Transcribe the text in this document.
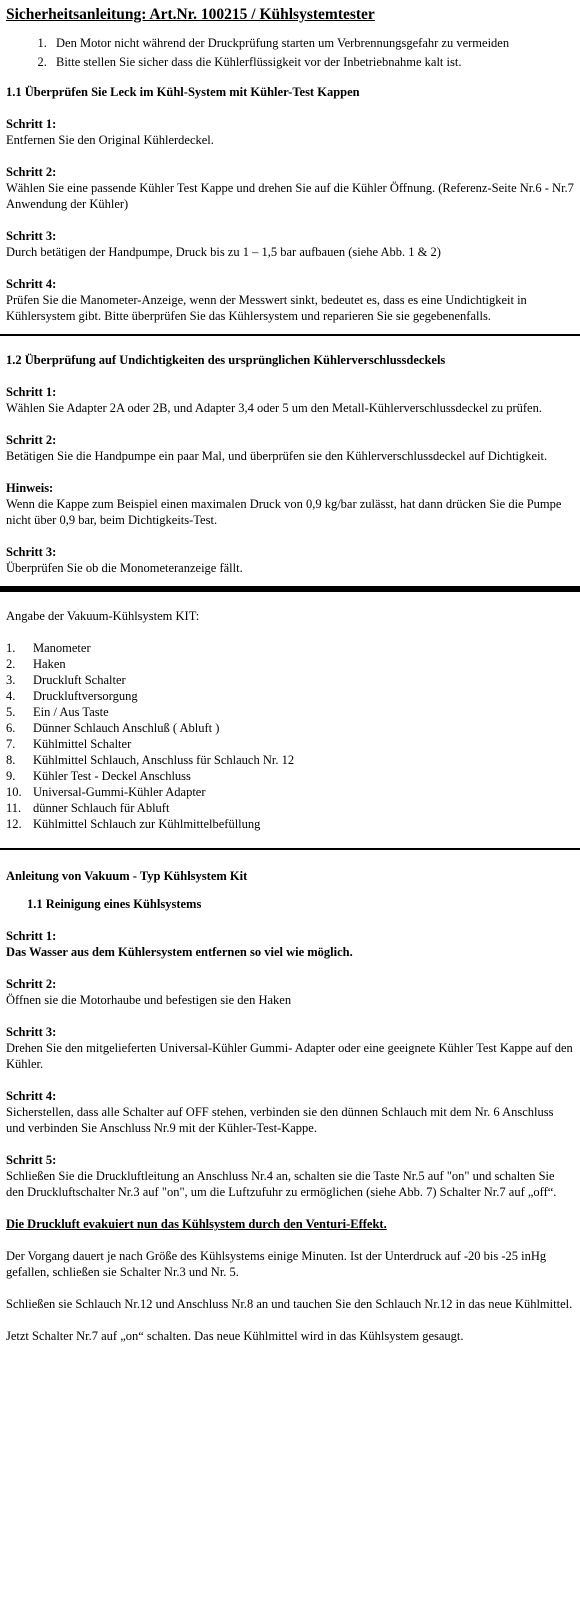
Sicherheitsanleitung: Art.Nr. 100215 / Kühlsystemtester
1. Den Motor nicht während der Druckprüfung starten um Verbrennungsgefahr zu vermeiden
2. Bitte stellen Sie sicher dass die Kühlerflüssigkeit vor der Inbetriebnahme kalt ist.
1.1 Überprüfen Sie Leck im Kühl-System mit Kühler-Test Kappen
Schritt 1:
Entfernen Sie den Original Kühlerdeckel.
Schritt 2:
Wählen Sie eine passende Kühler Test Kappe und drehen Sie auf die Kühler Öffnung. (Referenz-Seite Nr.6 - Nr.7 Anwendung der Kühler)
Schritt 3:
Durch betätigen der Handpumpe, Druck bis zu 1 – 1,5 bar aufbauen (siehe Abb. 1 & 2)
Schritt 4:
Prüfen Sie die Manometer-Anzeige, wenn der Messwert sinkt, bedeutet es, dass es eine Undichtigkeit in Kühlersystem gibt. Bitte überprüfen Sie das Kühlersystem und reparieren Sie sie gegebenenfalls.
1.2 Überprüfung auf Undichtigkeiten des ursprünglichen Kühlerverschlussdeckels
Schritt 1:
Wählen Sie Adapter 2A oder 2B, und Adapter 3,4 oder 5 um den Metall-Kühlerverschlussdeckel zu prüfen.
Schritt 2:
Betätigen Sie die Handpumpe ein paar Mal, und überprüfen sie den Kühlerverschlussdeckel auf Dichtigkeit.
Hinweis:
Wenn die Kappe zum Beispiel einen maximalen Druck von 0,9 kg/bar zulässt, hat dann drücken Sie die Pumpe nicht über 0,9 bar, beim Dichtigkeits-Test.
Schritt 3:
Überprüfen Sie ob die Monometeranzeige fällt.
Angabe der Vakuum-Kühlsystem KIT:
1.	Manometer
2.	Haken
3.	Druckluft Schalter
4.	Druckluftversorgung
5.	Ein / Aus Taste
6.	Dünner Schlauch Anschluß ( Abluft )
7.	Kühlmittel Schalter
8.	Kühlmittel Schlauch, Anschluss für Schlauch Nr. 12
9.	Kühler Test - Deckel Anschluss
10. Universal-Gummi-Kühler Adapter
11. dünner Schlauch für Abluft
12. Kühlmittel Schlauch zur Kühlmittelbefüllung
Anleitung von Vakuum - Typ Kühlsystem Kit
1.1 Reinigung eines Kühlsystems
Schritt 1:
Das Wasser aus dem Kühlersystem entfernen so viel wie möglich.
Schritt 2:
Öffnen sie die Motorhaube und befestigen sie den Haken
Schritt 3:
Drehen Sie den mitgelieferten Universal-Kühler Gummi- Adapter oder eine geeignete Kühler Test Kappe auf den Kühler.
Schritt 4:
Sicherstellen, dass alle Schalter auf OFF stehen, verbinden sie den dünnen Schlauch mit dem Nr. 6 Anschluss und verbinden Sie Anschluss Nr.9 mit der Kühler-Test-Kappe.
Schritt 5:
Schließen Sie die Druckluftleitung an Anschluss Nr.4 an, schalten sie die Taste Nr.5 auf "on" und schalten Sie den Druckluftschalter Nr.3 auf "on", um die Luftzufuhr zu ermöglichen (siehe Abb. 7) Schalter Nr.7 auf „off“.
Die Druckluft evakuiert nun das Kühlsystem durch den Venturi-Effekt.
Der Vorgang dauert je nach Größe des Kühlsystems einige Minuten. Ist der Unterdruck auf -20 bis -25 inHg gefallen, schließen sie Schalter Nr.3 und Nr. 5.
Schließen sie Schlauch Nr.12 und Anschluss Nr.8 an und tauchen Sie den Schlauch Nr.12 in das neue Kühlmittel.
Jetzt Schalter Nr.7 auf „on“ schalten. Das neue Kühlmittel wird in das Kühlsystem gesaugt.
